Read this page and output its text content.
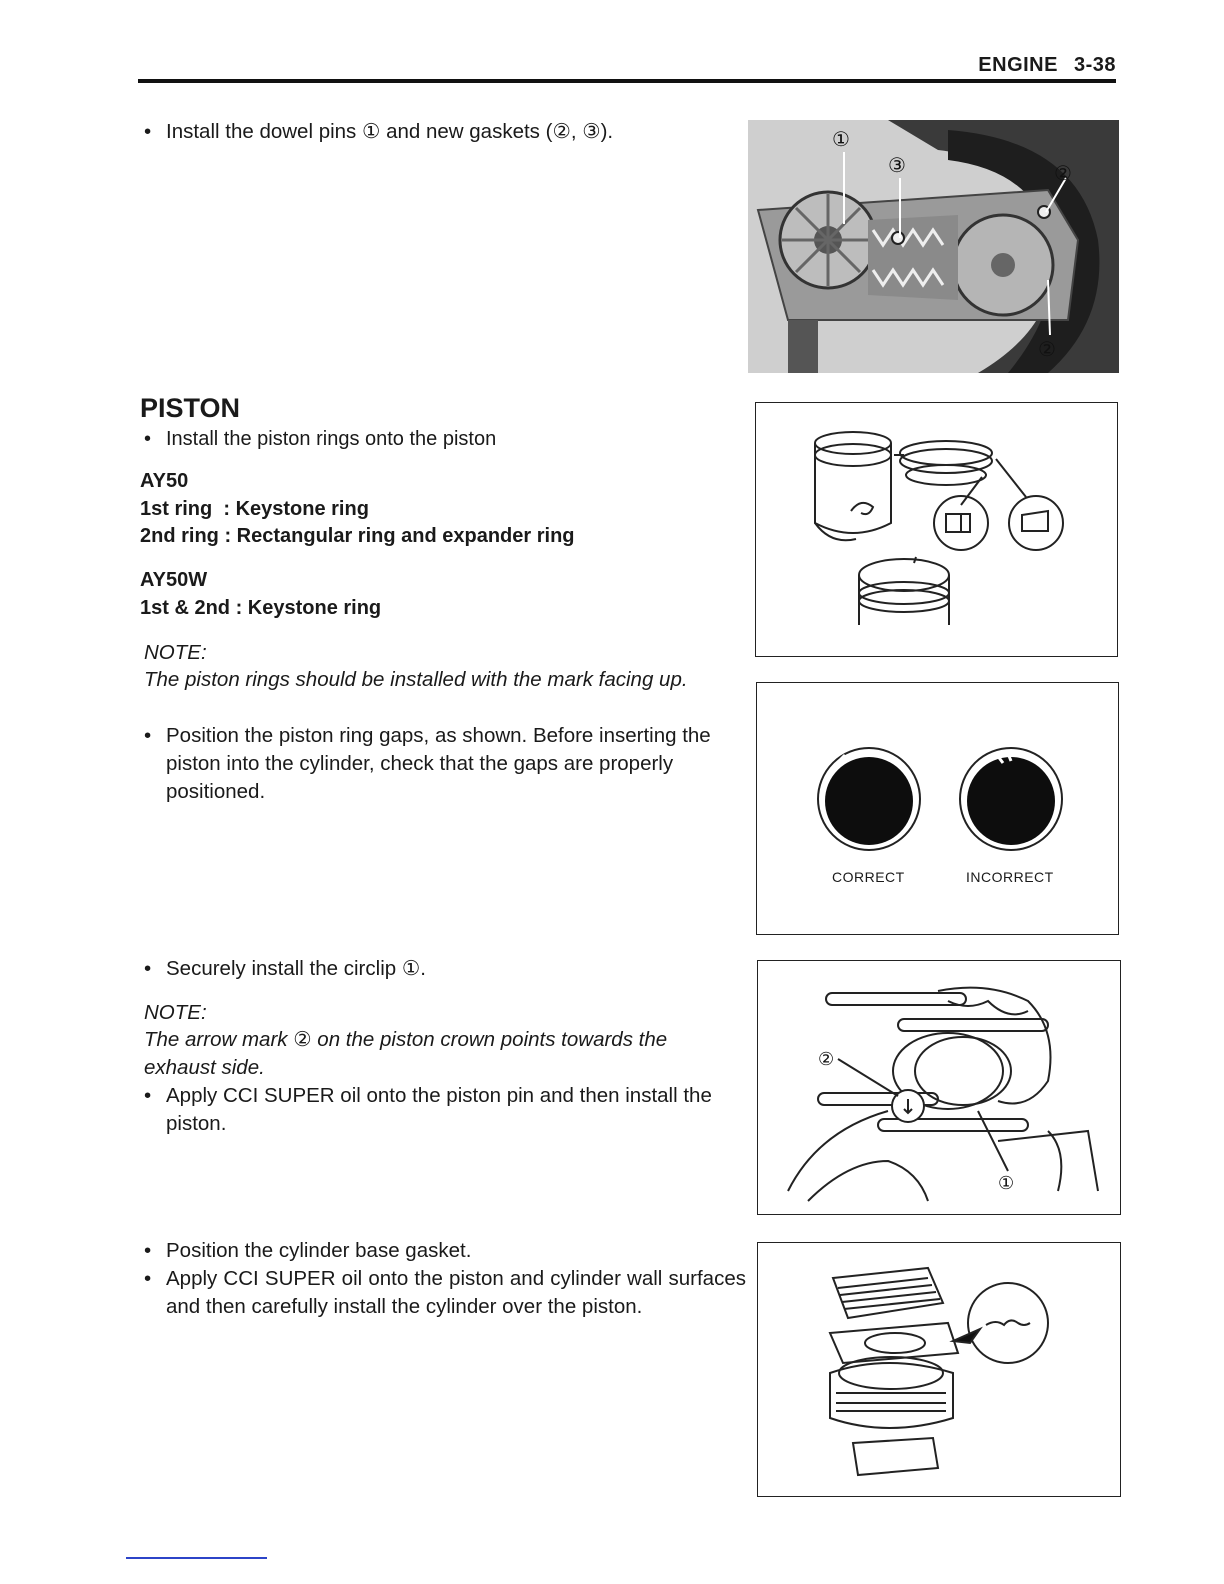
ENGINE 3-38
• Install the dowel pins ① and new gaskets (②, ③).
PISTON
• Install the piston rings onto the piston
AY50
1st ring  : Keystone ring
2nd ring : Rectangular ring and expander ring
AY50W
1st & 2nd : Keystone ring
NOTE:
The piston rings should be installed with the mark facing up.
• Position the piston ring gaps, as shown. Before inserting the piston into the cylinder, check that the gaps are properly positioned.
• Securely install the circlip ①.
NOTE:
The arrow mark ② on the piston crown points towards the exhaust side.
• Apply CCI SUPER oil onto the piston pin and then install the piston.
• Position the cylinder base gasket.
• Apply CCI SUPER oil onto the piston and cylinder wall surfaces and then carefully install the cylinder over the piston.
①
③	②
②
CORRECT	INCORRECT
②
①
